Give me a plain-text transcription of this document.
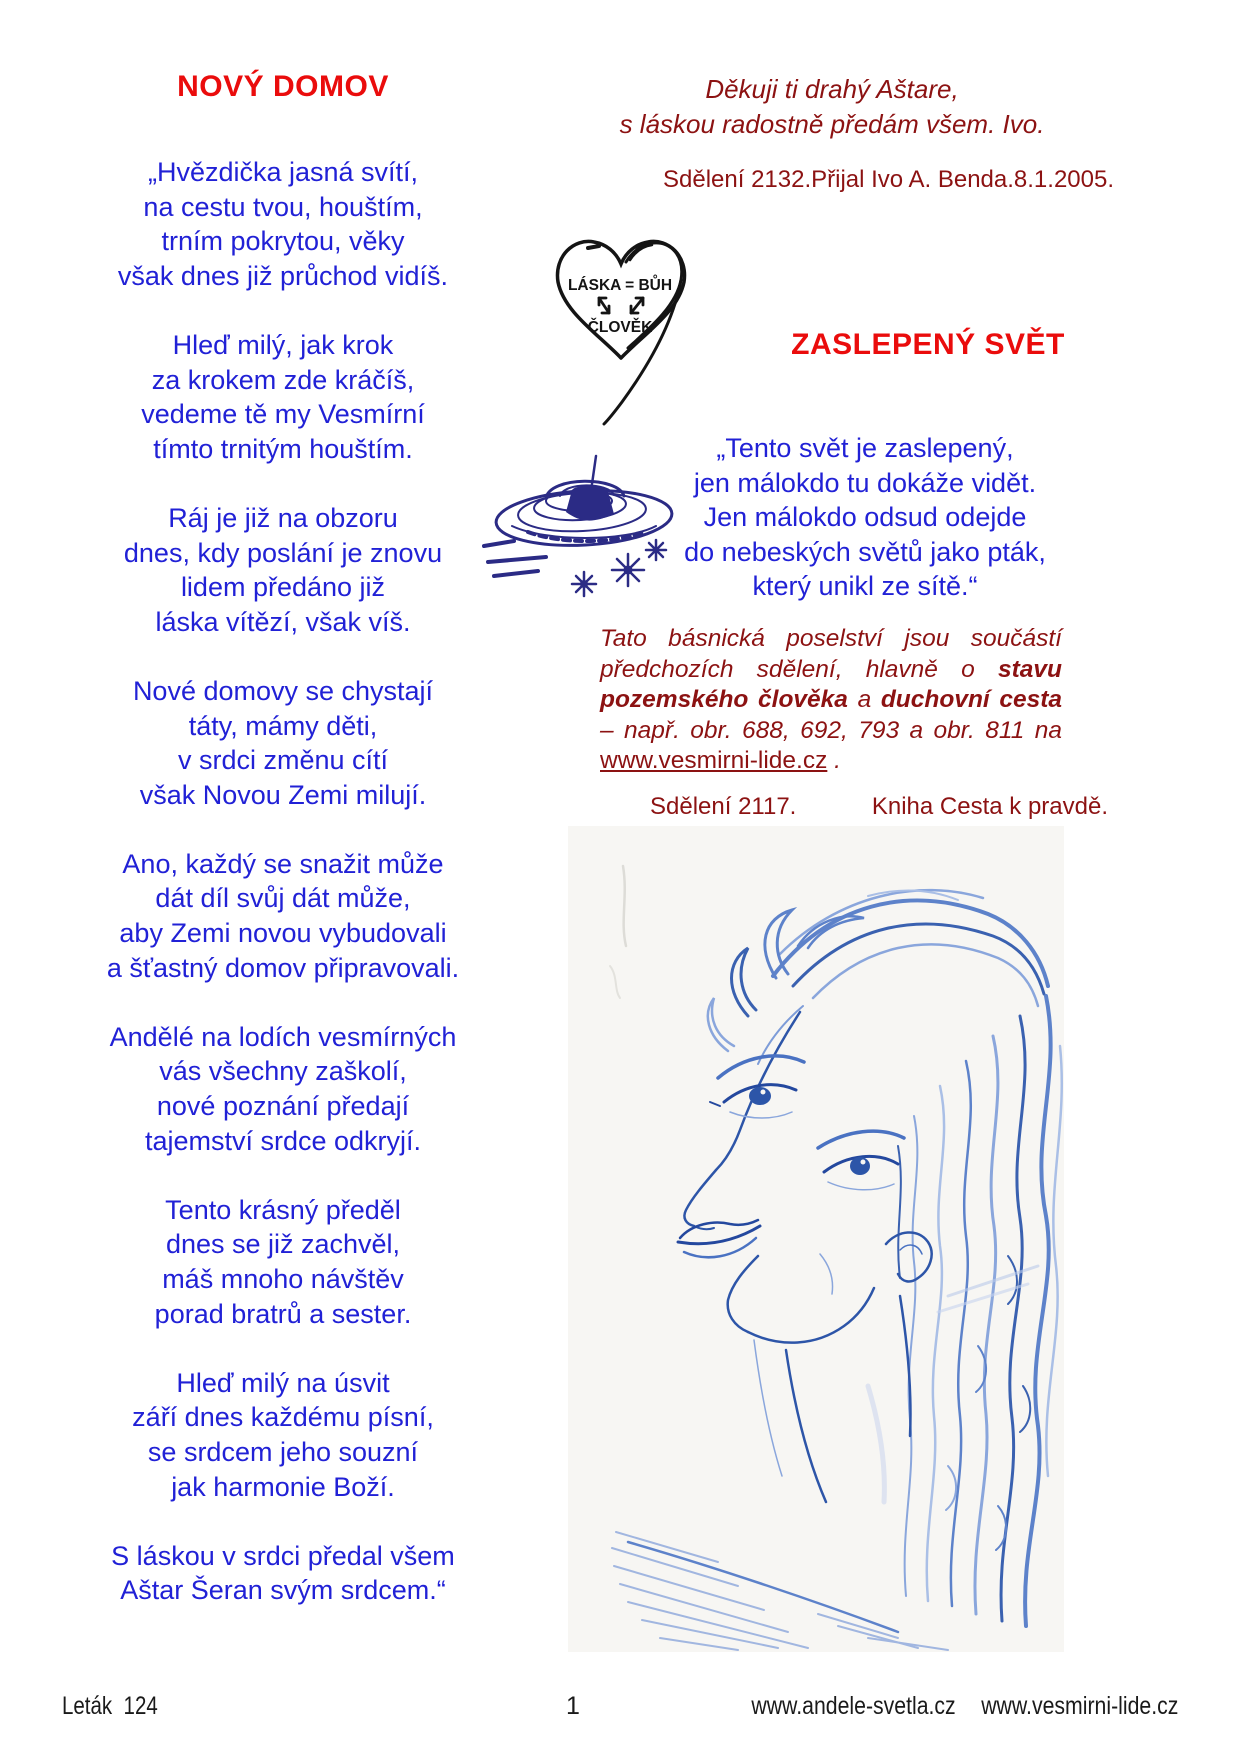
NOVÝ DOMOV
„Hvězdička jasná svítí,
na cestu tvou, houštím,
trním pokrytou, věky
však dnes již průchod vidíš.
Hleď milý, jak krok
za krokem zde kráčíš,
vedeme tě my Vesmírní
tímto trnitým houštím.
Ráj je již na obzoru
dnes, kdy poslání je znovu
lidem předáno již
láska vítězí, však víš.
Nové domovy se chystají
táty, mámy děti,
v srdci změnu cítí
však Novou Zemi milují.
Ano, každý se snažit může
dát díl svůj dát může,
aby Zemi novou vybudovali
a šťastný domov připravovali.
Andělé na lodích vesmírných
vás všechny zaškolí,
nové poznání předají
tajemství srdce odkryjí.
Tento krásný předěl
dnes se již zachvěl,
máš mnoho návštěv
porad bratrů a sester.
Hleď milý na úsvit
září dnes každému písní,
se srdcem jeho souzní
jak harmonie Boží.
S láskou v srdci předal všem
Aštar Šeran svým srdcem.“
Děkuji ti drahý Aštare,
s láskou radostně předám všem. Ivo.
Sdělení 2132. Přijal Ivo A. Benda. 8.1.2005.
LÁSKA = BŮH
ČLOVĚK
ZASLEPENÝ SVĚT
„Tento svět je zaslepený,
jen málokdo tu dokáže vidět.
Jen málokdo odsud odejde
do nebeských světů jako pták,
který unikl ze sítě.“
Tato básnická poselství jsou součástí předchozích sdělení, hlavně o stavu pozemského člověka a duchovní cesta – např. obr. 688, 692, 793 a obr. 811 na www.vesmirni-lide.cz .
Sdělení 2117.	Kniha Cesta k pravdě.
Leták  124	1	www.andele-svetla.cz www.vesmirni-lide.cz
